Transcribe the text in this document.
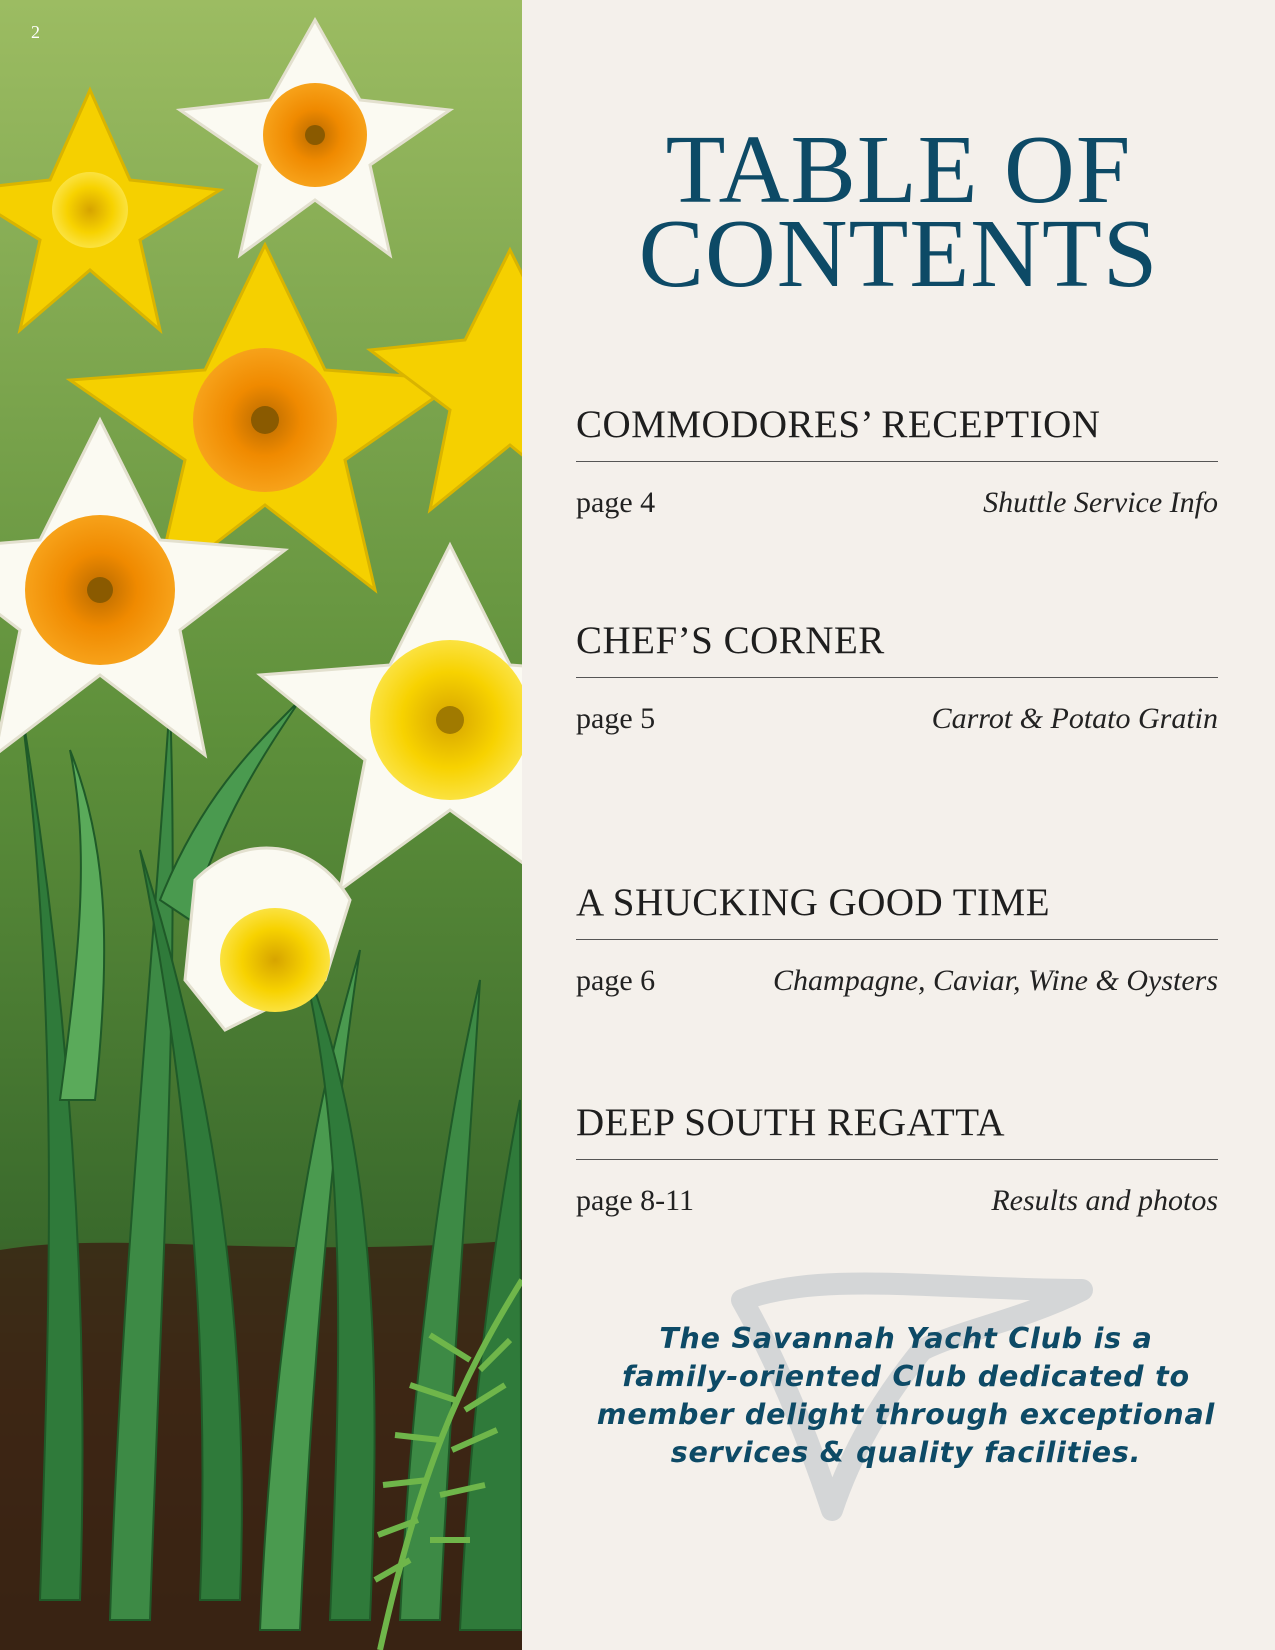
2
TABLE OF
CONTENTS
COMMODORES’ RECEPTION
page 4	Shuttle Service Info
CHEF’S CORNER
page 5	Carrot & Potato Gratin
A SHUCKING GOOD TIME
page 6	Champagne, Caviar, Wine & Oysters
DEEP SOUTH REGATTA
page 8-11	Results and photos
The Savannah Yacht Club is a
family-oriented Club dedicated to
member delight through exceptional
services & quality facilities.
